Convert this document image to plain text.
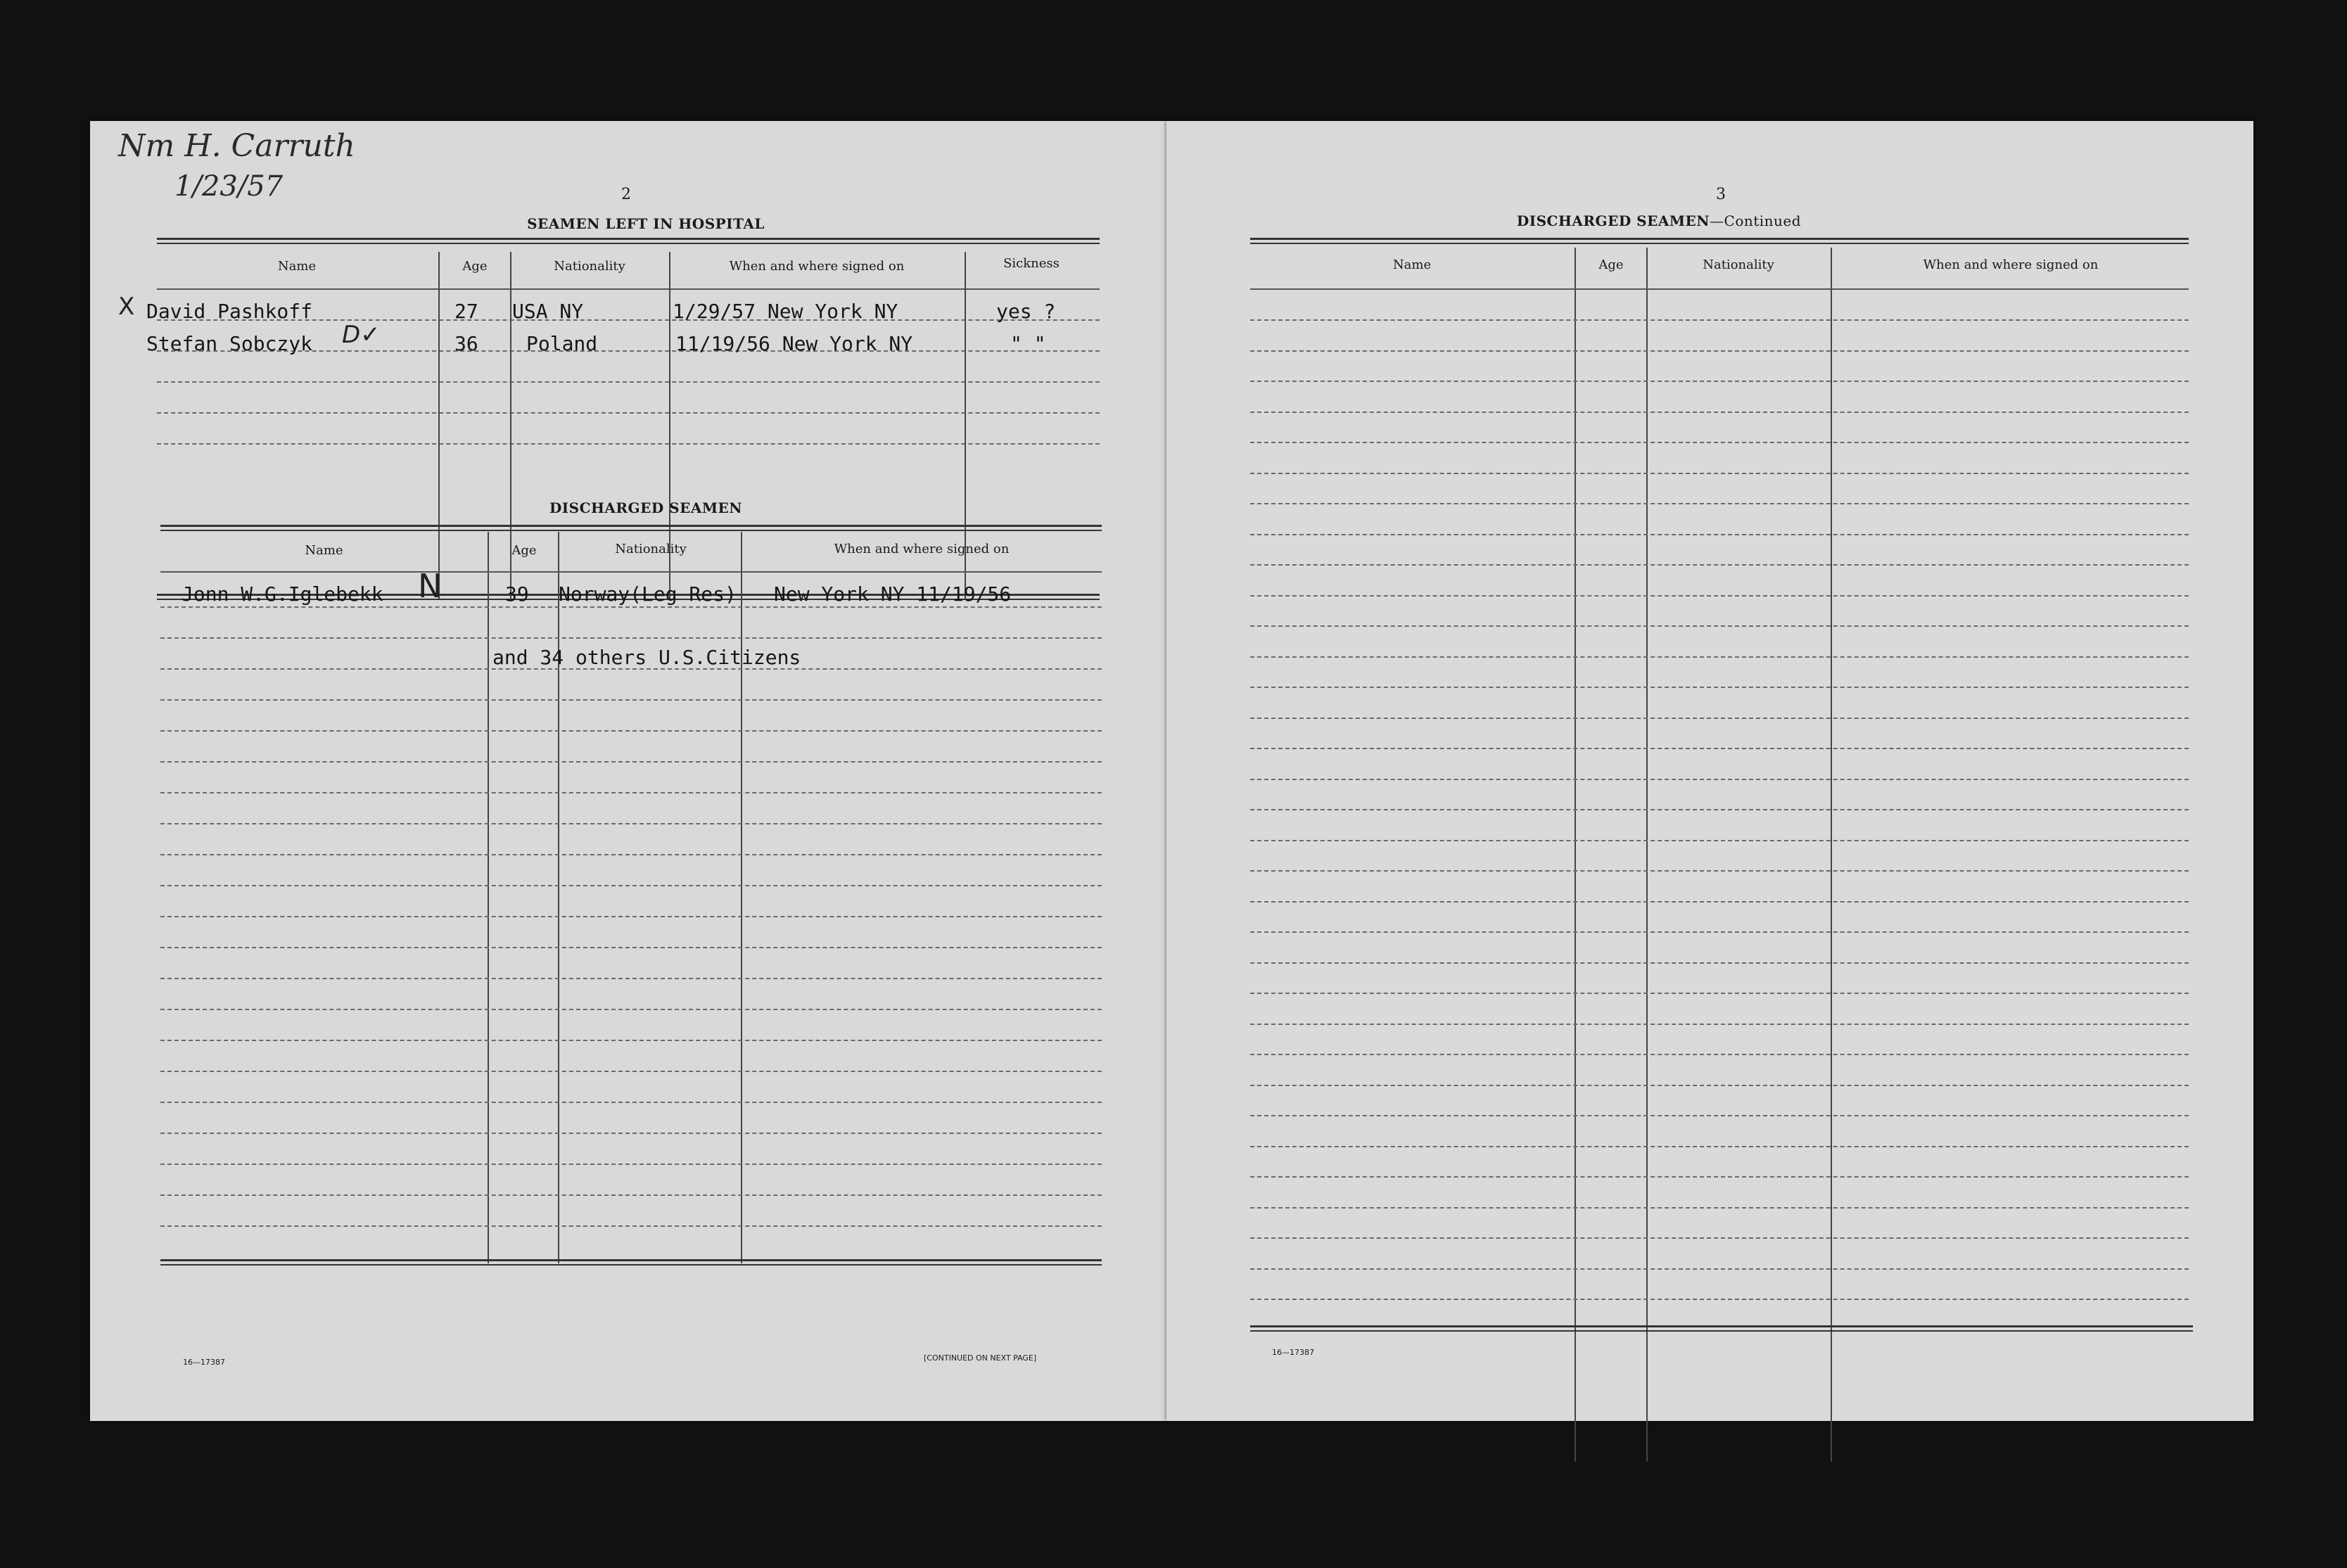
Nm H. Carruth
1/23/57	2
SEAMEN LEFT IN HOSPITAL
Name	Age	Nationality	When and where signed on	Sickness
X David Pashkoff	27 USA NY	1/29/57 New York NY	yes ?
Stefan Sobczyk D✓	36 Poland	11/19/56 New York NY	" "
DISCHARGED SEAMEN
Name	Age	Nationality	When and where signed on
Jonn W.G.Iglebekk N	39 Norway(Leg Res) New York NY 11/19/56
and 34 others U.S.Citizens
16—17387	[CONTINUED ON NEXT PAGE]
3
DISCHARGED SEAMEN—Continued
Name	Age	Nationality	When and where signed on
16—17387
